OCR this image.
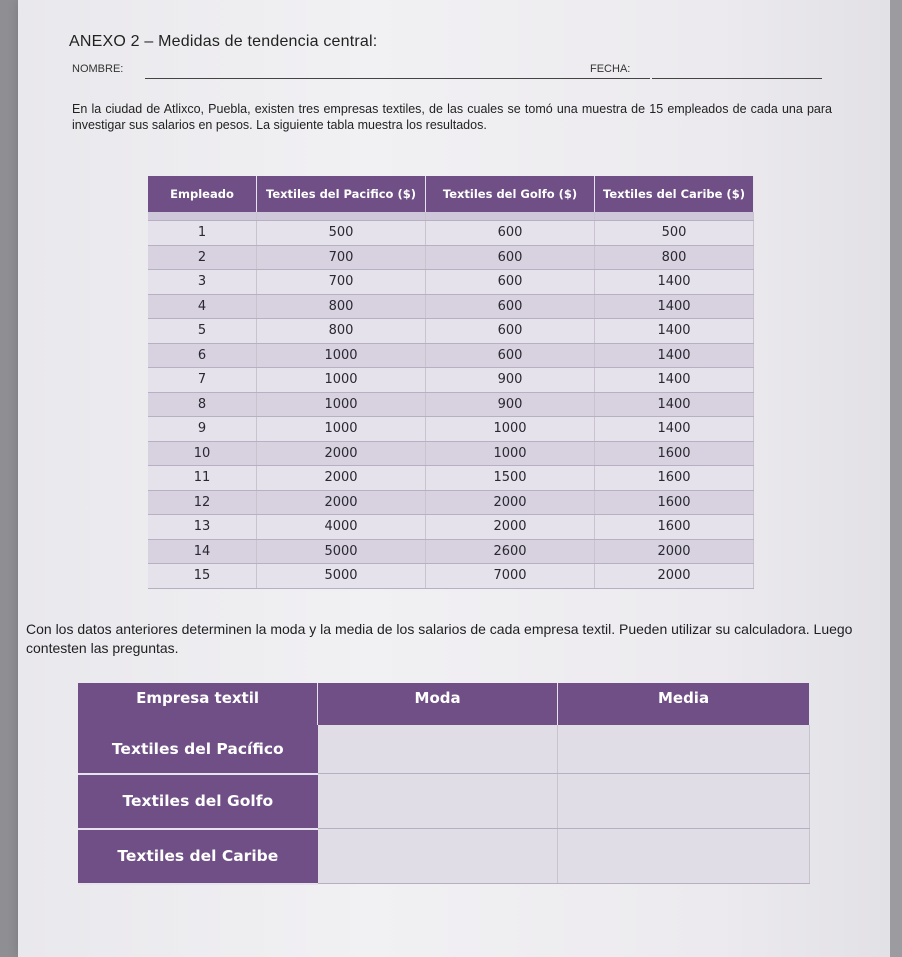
ANEXO 2 – Medidas de tendencia central:
NOMBRE:	FECHA:
En la ciudad de Atlixco, Puebla, existen tres empresas textiles, de las cuales se tomó una muestra de 15 empleados de cada una para investigar sus salarios en pesos. La siguiente tabla muestra los resultados.
Empleado	Textiles del Pacifico ($)	Textiles del Golfo ($)	Textiles del Caribe ($)

1	500	600	500
2	700	600	800
3	700	600	1400
4	800	600	1400
5	800	600	1400
6	1000	600	1400
7	1000	900	1400
8	1000	900	1400
9	1000	1000	1400
10	2000	1000	1600
11	2000	1500	1600
12	2000	2000	1600
13	4000	2000	1600
14	5000	2600	2000
15	5000	7000	2000
Con los datos anteriores determinen la moda y la media de los salarios de cada empresa textil. Pueden utilizar su calculadora. Luego contesten las preguntas.
Empresa textil	Moda	Media

Textiles del Pacífico		
Textiles del Golfo		
Textiles del Caribe		
